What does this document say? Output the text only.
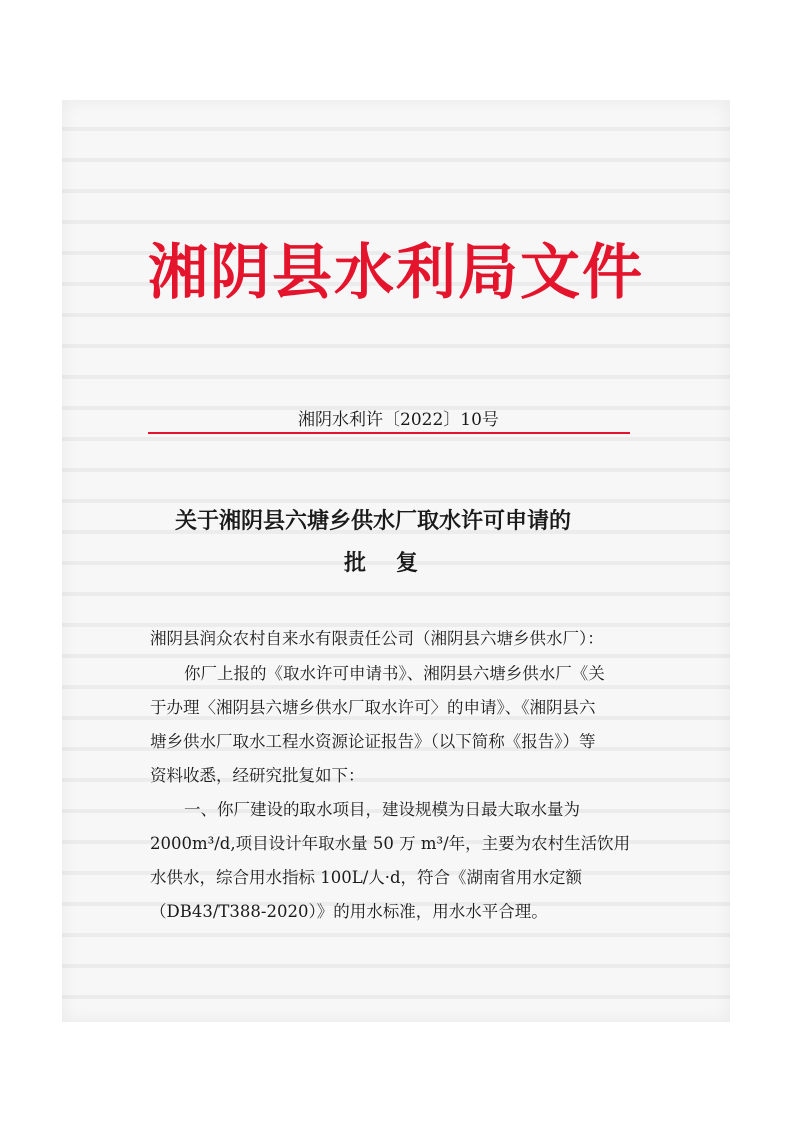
湘阴县水利局文件
湘阴水利许〔2022〕10号
关于湘阴县六塘乡供水厂取水许可申请的
批复
湘阴县润众农村自来水有限责任公司（湘阴县六塘乡供水厂）：
你厂上报的《取水许可申请书》、湘阴县六塘乡供水厂《关
于办理〈湘阴县六塘乡供水厂取水许可〉的申请》、《湘阴县六
塘乡供水厂取水工程水资源论证报告》（以下简称《报告》）等
资料收悉，经研究批复如下：
一、你厂建设的取水项目，建设规模为日最大取水量为
2000m³/d,项目设计年取水量 50 万 m³/年，主要为农村生活饮用
水供水，综合用水指标 100L/人·d，符合《湖南省用水定额
（DB43/T388-2020）》的用水标准，用水水平合理。
